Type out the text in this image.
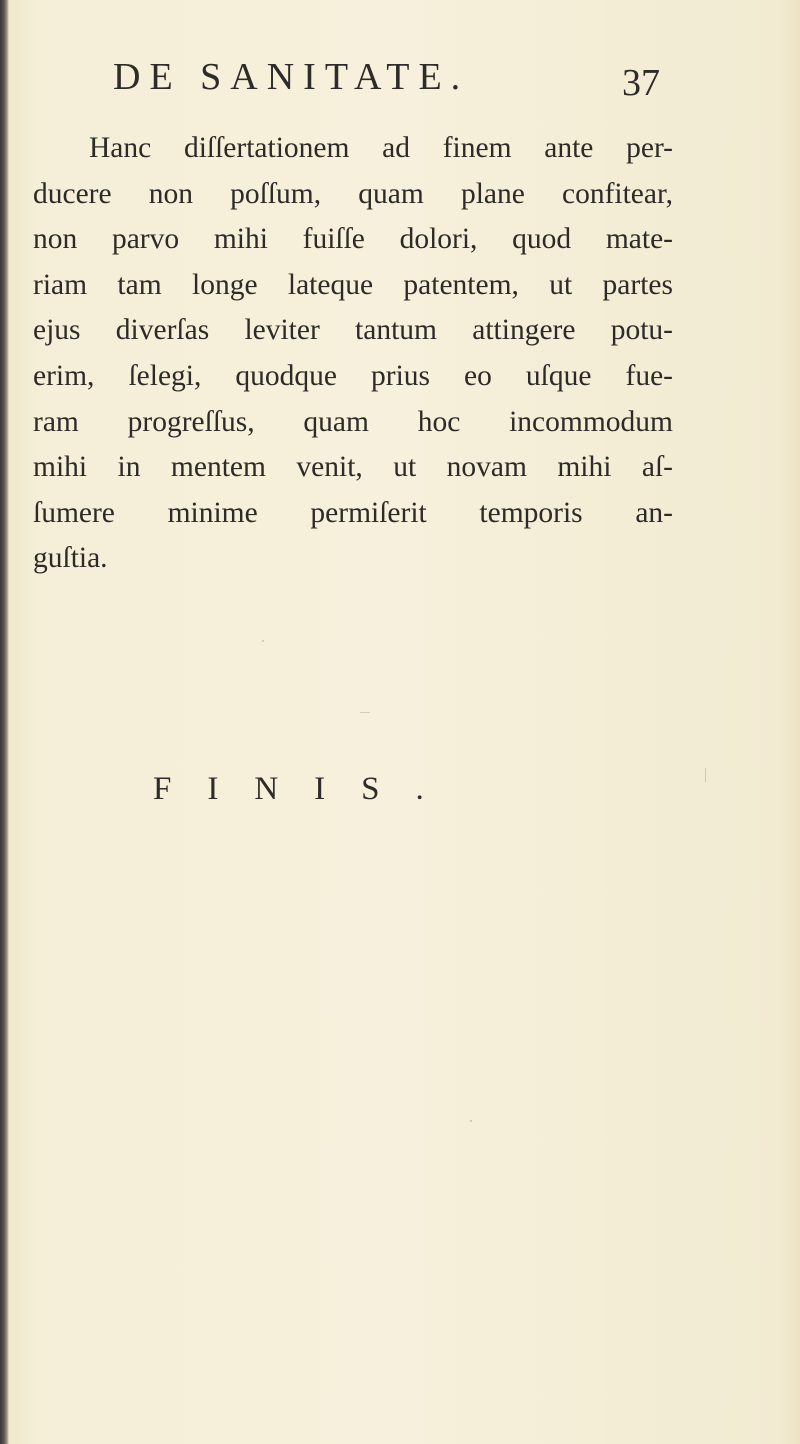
DE SANITATE.	37
Hanc diſſertationem ad finem ante per-
ducere non poſſum, quam plane confitear,
non parvo mihi fuiſſe dolori, quod mate-
riam tam longe lateque patentem, ut partes
ejus diverſas leviter tantum attingere potu-
erim, ſelegi, quodque prius eo uſque fue-
ram progreſſus, quam hoc incommodum
mihi in mentem venit, ut novam mihi aſ-
ſumere minime permiſerit temporis an-
guſtia.
FINIS.
